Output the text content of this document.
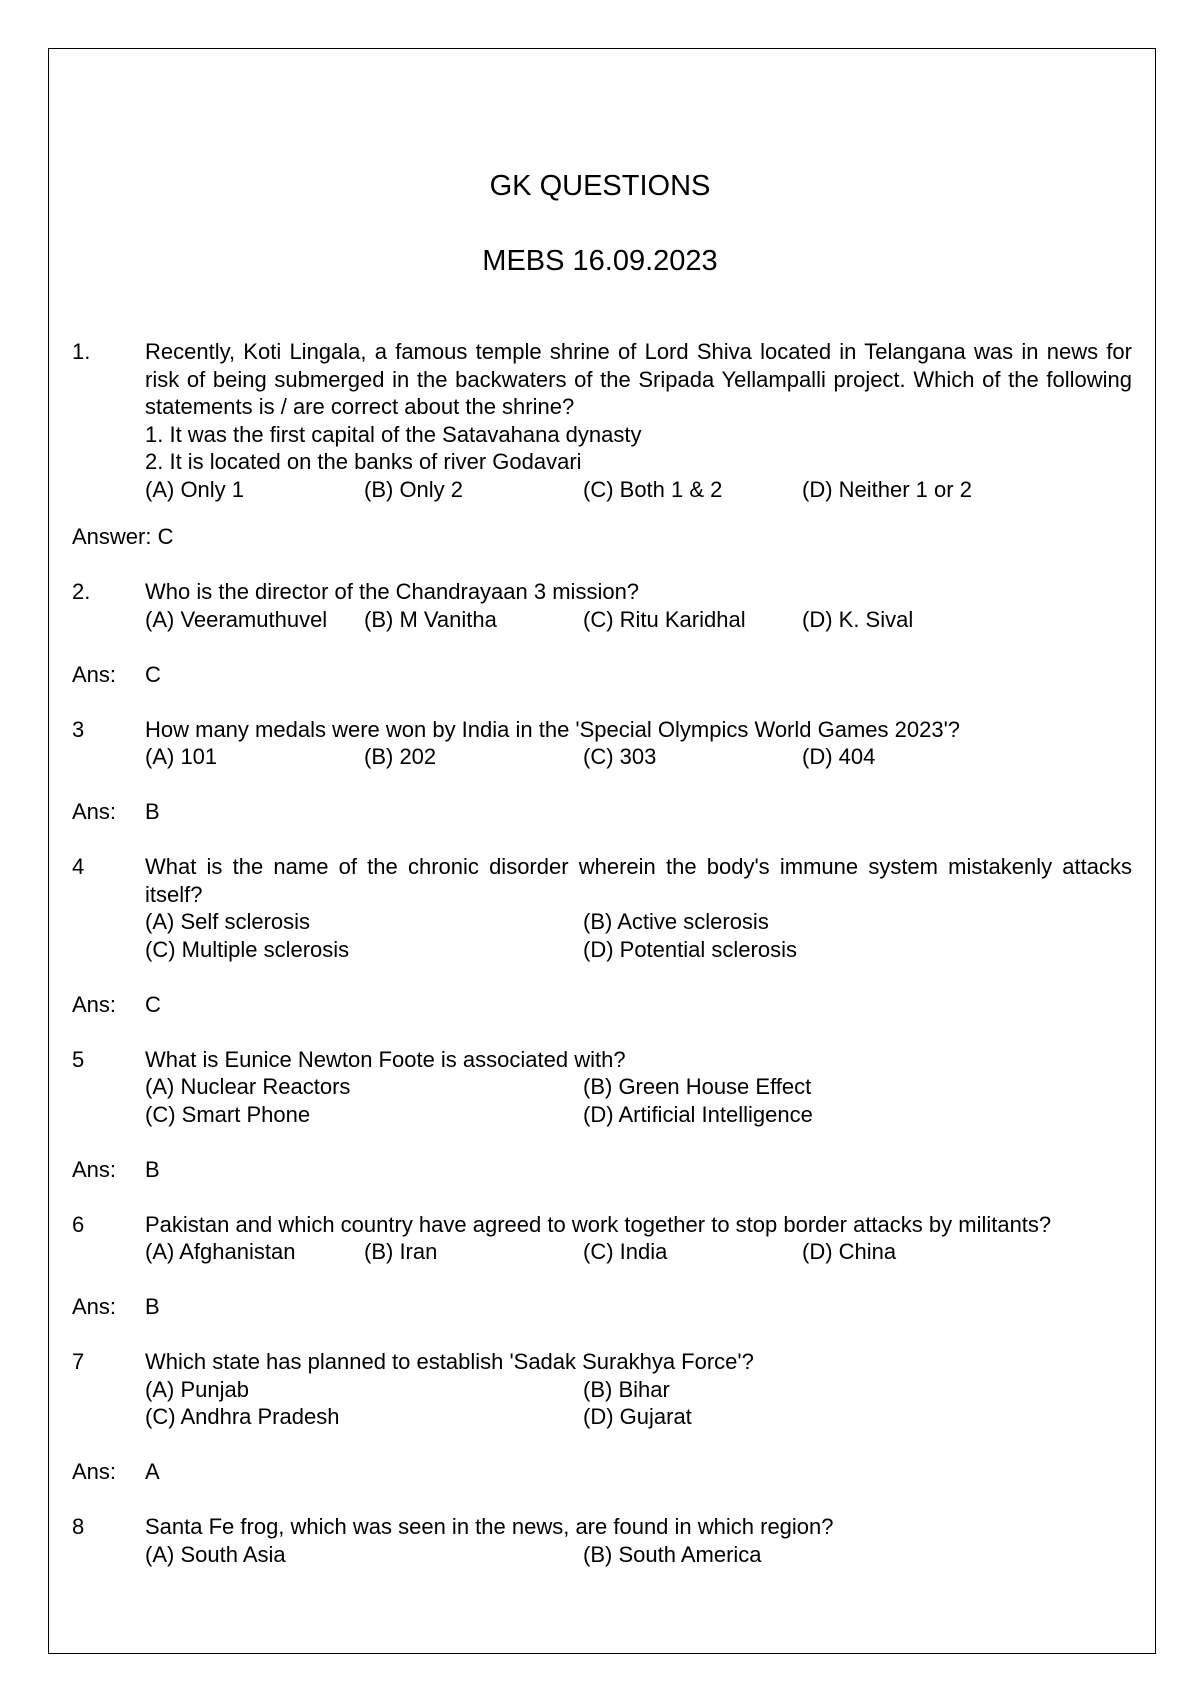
GK QUESTIONS
MEBS 16.09.2023
1.	Recently, Koti Lingala, a famous temple shrine of Lord Shiva located in Telangana was in news for risk of being submerged in the backwaters of the Sripada Yellampalli project. Which of the following statements is / are correct about the shrine?
1. It was the first capital of the Satavahana dynasty
2. It is located on the banks of river Godavari
(A) Only 1	(B) Only 2	(C) Both 1 & 2	(D) Neither 1 or 2
Answer: C
2.	Who is the director of the Chandrayaan 3 mission?
(A) Veeramuthuvel	(B) M Vanitha	(C) Ritu Karidhal	(D) K. Sival
Ans:	C
3	How many medals were won by India in the 'Special Olympics World Games 2023'?
(A) 101	(B) 202	(C) 303	(D) 404
Ans:	B
4	What is the name of the chronic disorder wherein the body's immune system mistakenly attacks itself?
(A) Self sclerosis	(B) Active sclerosis
(C) Multiple sclerosis	(D) Potential sclerosis
Ans:	C
5	What is Eunice Newton Foote is associated with?
(A) Nuclear Reactors	(B) Green House Effect
(C) Smart Phone	(D) Artificial Intelligence
Ans:	B
6	Pakistan and which country have agreed to work together to stop border attacks by militants?
(A) Afghanistan	(B) Iran	(C) India	(D) China
Ans:	B
7	Which state has planned to establish 'Sadak Surakhya Force'?
(A) Punjab	(B) Bihar
(C) Andhra Pradesh	(D) Gujarat
Ans:	A
8	Santa Fe frog, which was seen in the news, are found in which region?
(A) South Asia	(B) South America
